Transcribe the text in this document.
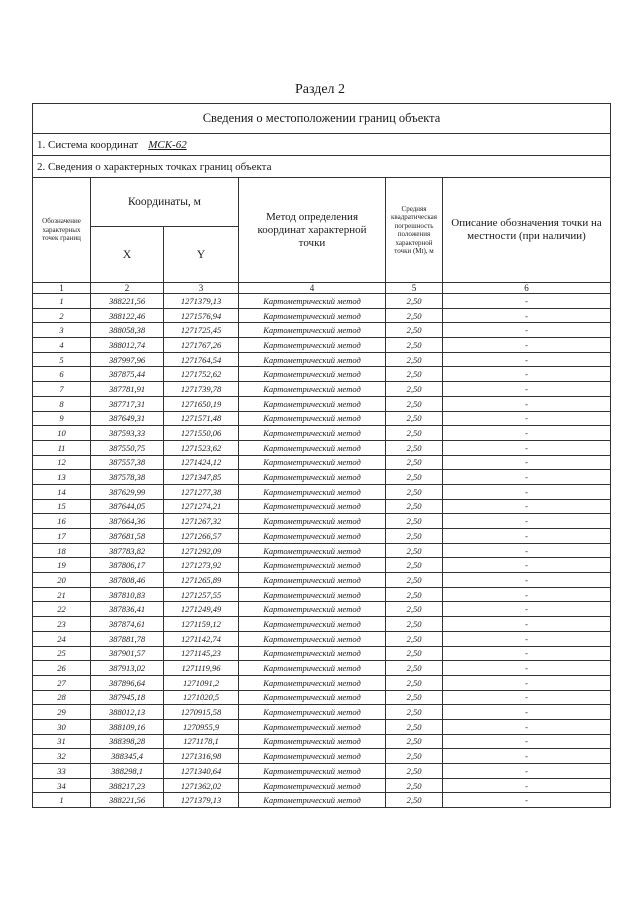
Раздел 2
Сведения о местоположении границ объекта					
1. Система координат МСК-62					
2. Сведения о характерных точках границ объекта					
Обозначение характерных точек границ	Координаты, м		Метод определения координат характерной точки	Средняя квадратическая погрешность положения характерной точки (Mt), м	Описание обозначения точки на местности (при наличии)
	X	Y			
1	2	3	4	5	6
1	388221,56	1271379,13	Картометрический метод	2,50	-
2	388122,46	1271576,94	Картометрический метод	2,50	-
3	388058,38	1271725,45	Картометрический метод	2,50	-
4	388012,74	1271767,26	Картометрический метод	2,50	-
5	387997,96	1271764,54	Картометрический метод	2,50	-
6	387875,44	1271752,62	Картометрический метод	2,50	-
7	387781,91	1271739,78	Картометрический метод	2,50	-
8	387717,31	1271650,19	Картометрический метод	2,50	-
9	387649,31	1271571,48	Картометрический метод	2,50	-
10	387593,33	1271550,06	Картометрический метод	2,50	-
11	387550,75	1271523,62	Картометрический метод	2,50	-
12	387557,38	1271424,12	Картометрический метод	2,50	-
13	387578,38	1271347,85	Картометрический метод	2,50	-
14	387629,99	1271277,38	Картометрический метод	2,50	-
15	387644,05	1271274,21	Картометрический метод	2,50	-
16	387664,36	1271267,32	Картометрический метод	2,50	-
17	387681,58	1271266,57	Картометрический метод	2,50	-
18	387783,82	1271292,09	Картометрический метод	2,50	-
19	387806,17	1271273,92	Картометрический метод	2,50	-
20	387808,46	1271265,89	Картометрический метод	2,50	-
21	387810,83	1271257,55	Картометрический метод	2,50	-
22	387836,41	1271249,49	Картометрический метод	2,50	-
23	387874,61	1271159,12	Картометрический метод	2,50	-
24	387881,78	1271142,74	Картометрический метод	2,50	-
25	387901,57	1271145,23	Картометрический метод	2,50	-
26	387913,02	1271119,96	Картометрический метод	2,50	-
27	387896,64	1271091,2	Картометрический метод	2,50	-
28	387945,18	1271020,5	Картометрический метод	2,50	-
29	388012,13	1270915,58	Картометрический метод	2,50	-
30	388109,16	1270955,9	Картометрический метод	2,50	-
31	388398,28	1271178,1	Картометрический метод	2,50	-
32	388345,4	1271316,98	Картометрический метод	2,50	-
33	388298,1	1271340,64	Картометрический метод	2,50	-
34	388217,23	1271362,02	Картометрический метод	2,50	-
1	388221,56	1271379,13	Картометрический метод	2,50	-
